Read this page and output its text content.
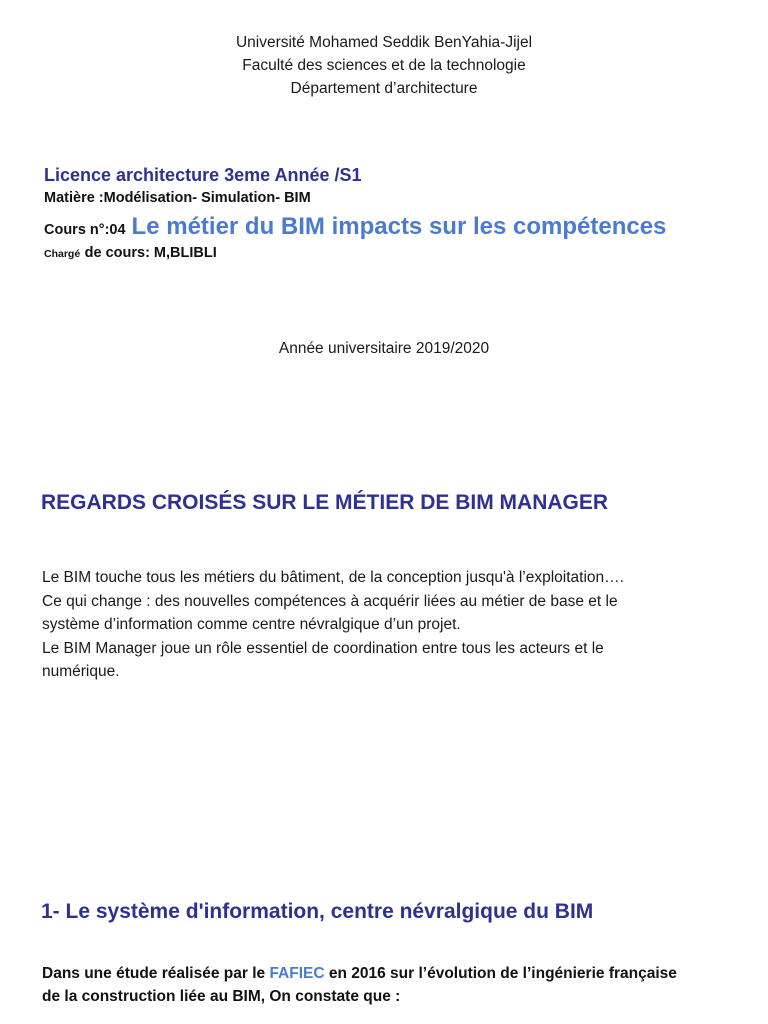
Université Mohamed Seddik BenYahia-Jijel
Faculté des sciences et de la technologie
Département d’architecture
Licence architecture 3eme Année /S1
Matière :Modélisation- Simulation- BIM
Cours n°:04 Le métier du BIM impacts sur les compétences
Chargé de cours: M,BLIBLI
Année universitaire 2019/2020
REGARDS CROISÉS SUR LE MÉTIER DE BIM MANAGER
Le BIM touche tous les métiers du bâtiment, de la conception jusqu'à l’exploitation….
Ce qui change : des nouvelles compétences à acquérir liées au métier de base et le
système d’information comme centre névralgique d’un projet.
Le BIM Manager joue un rôle essentiel de coordination entre tous les acteurs et le
numérique.
1- Le système d'information, centre névralgique du BIM
Dans une étude réalisée par le FAFIEC en 2016 sur l’évolution de l’ingénierie française
de la construction liée au BIM, On constate que :
